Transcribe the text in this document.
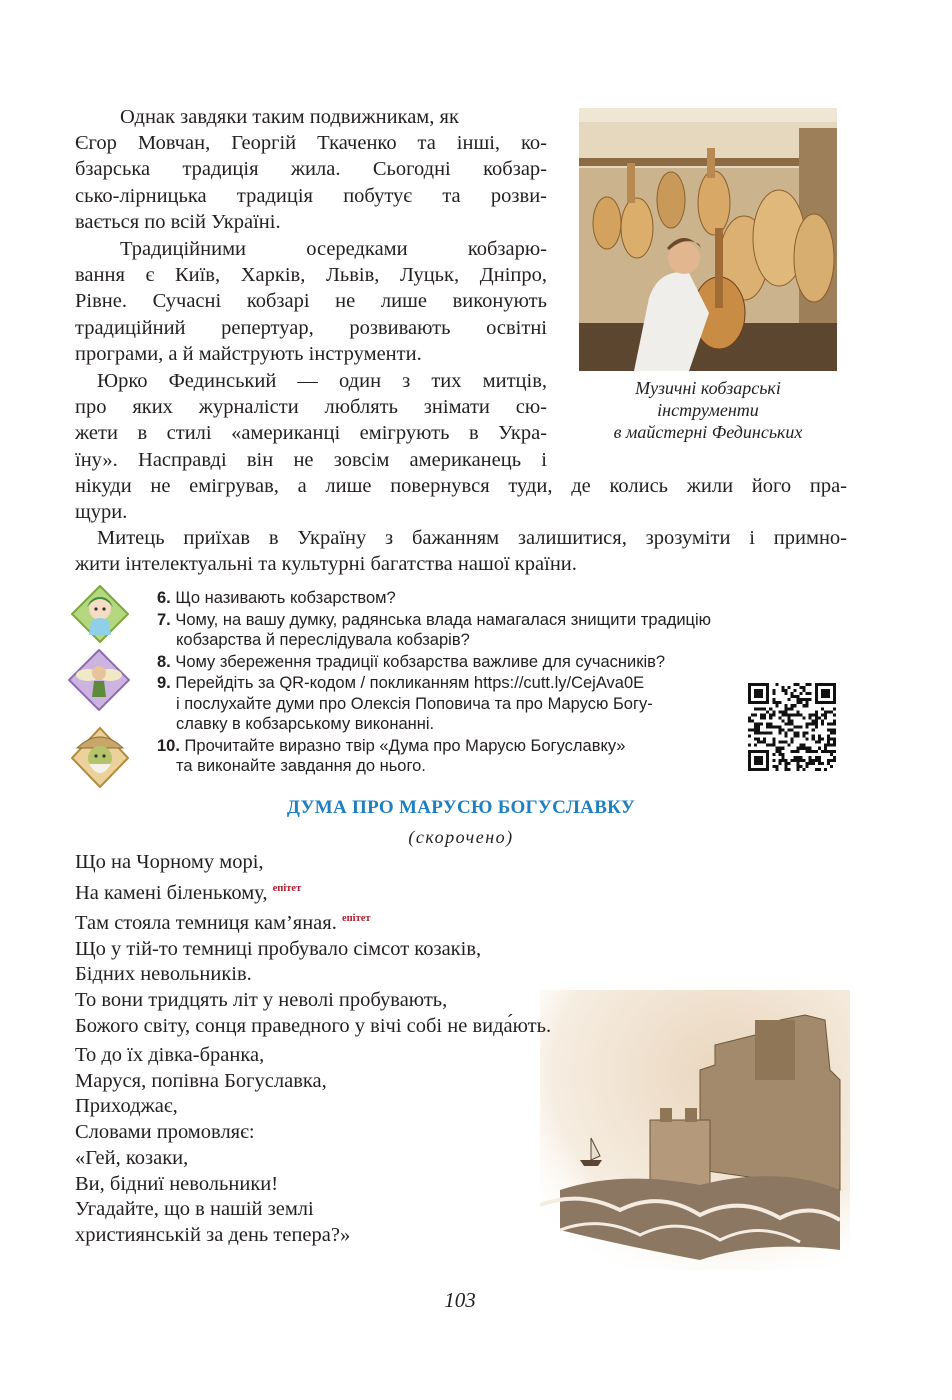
Однак завдяки таким подвижникам, як
Єгор Мовчан, Георгій Ткаченко та інші, ко-
бзарська традиція жила. Сьогодні кобзар-
сько-лірницька традиція побутує та розви-
вається по всій Україні.
Традиційними осередками кобзарю-
вання є Київ, Харків, Львів, Луцьк, Дніпро,
Рівне. Сучасні кобзарі не лише виконують
традиційний репертуар, розвивають освітні
програми, а й майструють інструменти.
Юрко Фединський — один з тих митців,
про яких журналісти люблять знімати сю-
жети в стилі «американці емігрують в Укра-
їну». Насправді він не зовсім американець і
нікуди не емігрував, а лише повернувся туди, де колись жили його пра-
щури.
Митець приїхав в Україну з бажанням залишитися, зрозуміти і примно-
жити інтелектуальні та культурні багатства нашої країни.
Музичні кобзарські
інструменти
в майстерні Фединських
6. Що називають кобзарством?
7. Чому, на вашу думку, радянська влада намагалася знищити традицію
кобзарства й переслідувала кобзарів?
8. Чому збереження традиції кобзарства важливе для сучасників?
9. Перейдіть за QR-кодом / покликанням https://cutt.ly/CejAva0E
і послухайте думи про Олексія Поповича та про Марусю Богу-
славку в кобзарському виконанні.
10. Прочитайте виразно твір «Дума про Марусю Богуславку»
та виконайте завдання до нього.
ДУМА ПРО МАРУСЮ БОГУСЛАВКУ
(скорочено)
Що на Чорному морі,
На камені біленькому, $^{епітет}$
Там стояла темниця кам’яная. $^{епітет}$
Що у тій-то темниці пробувало сімсот козаків,
Бідних невольників.
То вони тридцять літ у неволі пробувають,
Божого світу, сонця праведного у вічі собі не вида́ють.
То до їх дівка-бранка,
Маруся, попівна Богуславка,
Приходжає,
Словами промовляє:
«Гей, козаки,
Ви, бідниї невольники!
Угадайте, що в нашій землі
християнській за день тепера?»
103
